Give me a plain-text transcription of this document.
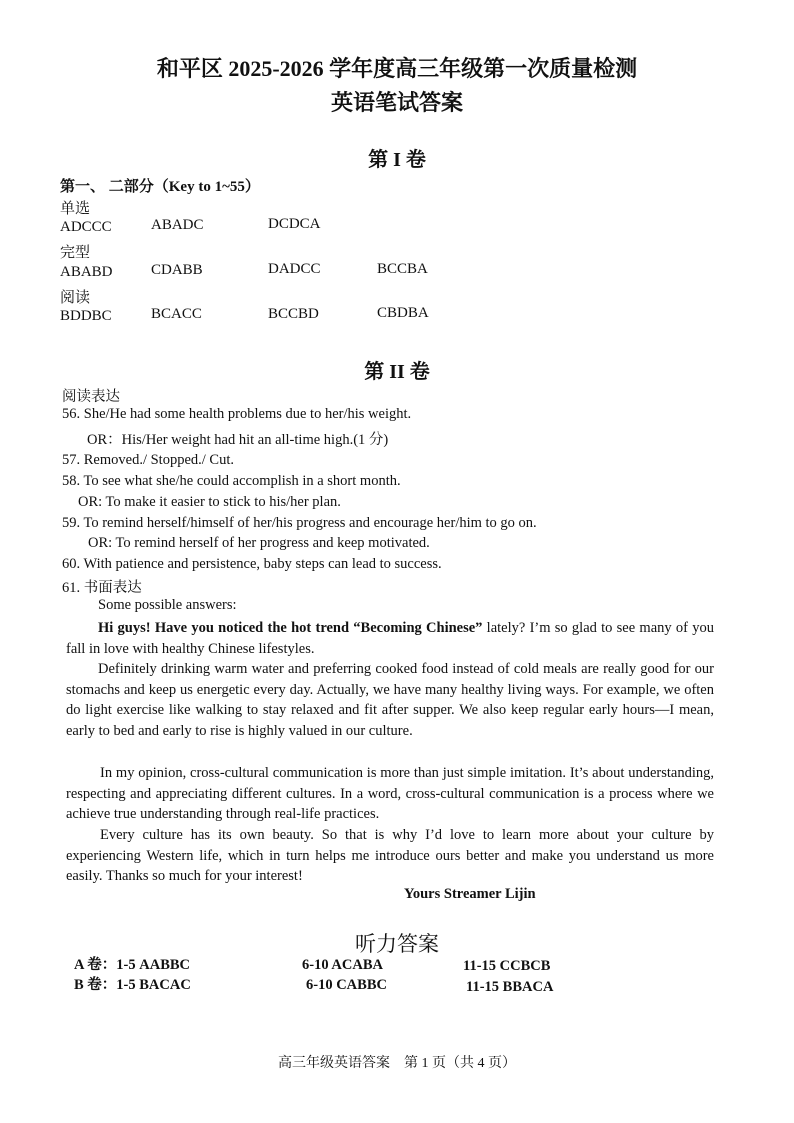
和平区 2025-2026 学年度高三年级第一次质量检测

英语笔试答案

第 I 卷

第一、 二部分（Key to 1~55）

单选

ADCCC	ABADC	DCDCA

完型

ABABD	CDABB	DADCC	BCCBA

阅读

BDDBC	BCACC	BCCBD	CBDBA

第 II 卷

阅读表达

56. She/He had some health problems due to her/his weight.

OR：His/Her weight had hit an all-time high.(1 分)

57. Removed./ Stopped./ Cut.

58. To see what she/he could accomplish in a short month.

OR: To make it easier to stick to his/her plan.

59. To remind herself/himself of her/his progress and encourage her/him to go on.

OR: To remind herself of her progress and keep motivated.

60. With patience and persistence, baby steps can lead to success.

61. 书面表达

Some possible answers:

Hi guys! Have you noticed the hot trend “Becoming Chinese” lately? I’m so glad to see many of you fall in love with healthy Chinese lifestyles.

Definitely drinking warm water and preferring cooked food instead of cold meals are really good for our stomachs and keep us energetic every day. Actually, we have many healthy living ways. For example, we often do light exercise like walking to stay relaxed and fit after supper. We also keep regular early hours—I mean, early to bed and early to rise is highly valued in our culture.

In my opinion, cross-cultural communication is more than just simple imitation. It’s about understanding, respecting and appreciating different cultures. In a word, cross-cultural communication is a process where we achieve true understanding through real-life practices.

Every culture has its own beauty. So that is why I’d love to learn more about your culture by experiencing Western life, which in turn helps me introduce ours better and make you understand us more easily. Thanks so much for your interest!

Yours Streamer Lijin

听力答案

A 卷：1-5 AABBC	6-10 ACABA	11-15 CCBCB

B 卷：1-5 BACAC	6-10 CABBC	11-15 BBACA

高三年级英语答案　第 1 页（共 4 页）
